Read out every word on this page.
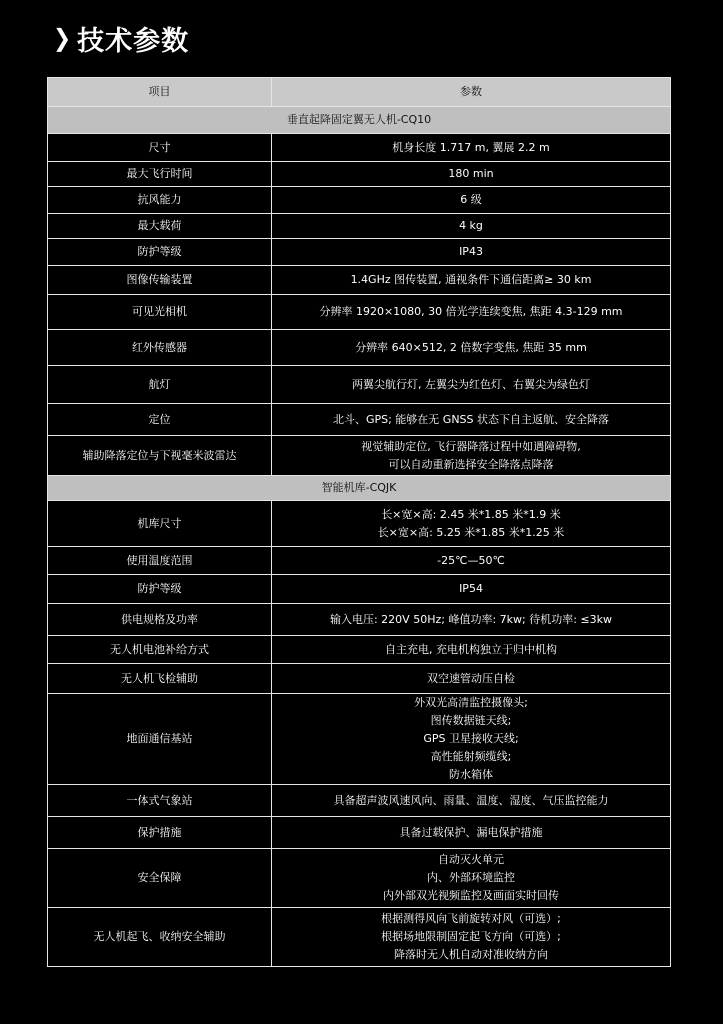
❯ 技术参数
项目	参数
垂直起降固定翼无人机-CQ10	
尺寸	机身长度 1.717 m, 翼展 2.2 m

最大飞行时间	180 min

抗风能力	6 级

最大载荷	4 kg

防护等级	IP43

图像传输装置	1.4GHz 图传装置, 通视条件下通信距离≥ 30 km

可见光相机	分辨率 1920×1080, 30 倍光学连续变焦, 焦距 4.3-129 mm

红外传感器	分辨率 640×512, 2 倍数字变焦, 焦距 35 mm

航灯	两翼尖航行灯, 左翼尖为红色灯、右翼尖为绿色灯

定位	北斗、GPS; 能够在无 GNSS 状态下自主返航、安全降落

辅助降落定位与下视毫米波雷达	视觉辅助定位, 飞行器降落过程中如遇障碍物,
可以自动重新选择安全降落点降落

智能机库-CQJK	
机库尺寸	长×宽×高: 2.45 米*1.85 米*1.9 米
长×宽×高: 5.25 米*1.85 米*1.25 米

使用温度范围	-25℃—50℃

防护等级	IP54

供电规格及功率	输入电压: 220V 50Hz; 峰值功率: 7kw; 待机功率: ≤3kw

无人机电池补给方式	自主充电, 充电机构独立于归中机构

无人机飞检辅助	双空速管动压自检

地面通信基站	外双光高清监控摄像头;
图传数据链天线;
GPS 卫星接收天线;
高性能射频缆线;
防水箱体

一体式气象站	具备超声波风速风向、雨量、温度、湿度、气压监控能力

保护措施	具备过载保护、漏电保护措施

安全保障	自动灭火单元
内、外部环境监控
内外部双光视频监控及画面实时回传

无人机起飞、收纳安全辅助	根据测得风向飞前旋转对风（可选）;
根据场地限制固定起飞方向（可选）;
降落时无人机自动对准收纳方向
